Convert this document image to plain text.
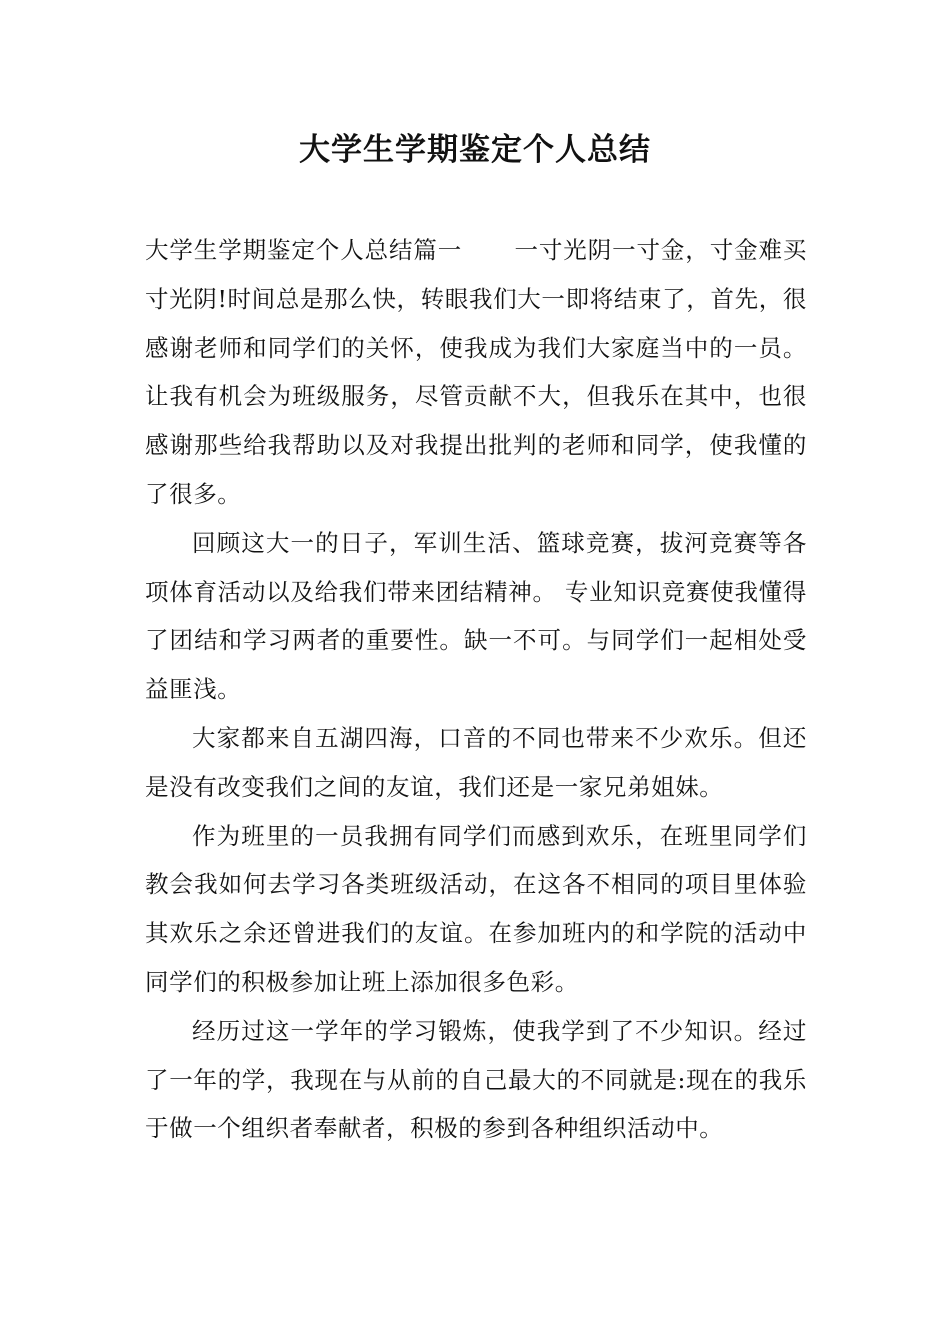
大学生学期鉴定个人总结

大学生学期鉴定个人总结篇一 一寸光阴一寸金，寸金难买寸光阴!时间总是那么快，转眼我们大一即将结束了，首先，很感谢老师和同学们的关怀，使我成为我们大家庭当中的一员。让我有机会为班级服务，尽管贡献不大，但我乐在其中，也很感谢那些给我帮助以及对我提出批判的老师和同学，使我懂的了很多。

回顾这大一的日子，军训生活、篮球竞赛，拔河竞赛等各项体育活动以及给我们带来团结精神。 专业知识竞赛使我懂得了团结和学习两者的重要性。缺一不可。与同学们一起相处受益匪浅。

大家都来自五湖四海，口音的不同也带来不少欢乐。但还是没有改变我们之间的友谊，我们还是一家兄弟姐妹。

作为班里的一员我拥有同学们而感到欢乐，在班里同学们教会我如何去学习各类班级活动，在这各不相同的项目里体验其欢乐之余还曾进我们的友谊。在参加班内的和学院的活动中同学们的积极参加让班上添加很多色彩。

经历过这一学年的学习锻炼，使我学到了不少知识。经过了一年的学，我现在与从前的自己最大的不同就是:现在的我乐于做一个组织者奉献者，积极的参到各种组织活动中。
